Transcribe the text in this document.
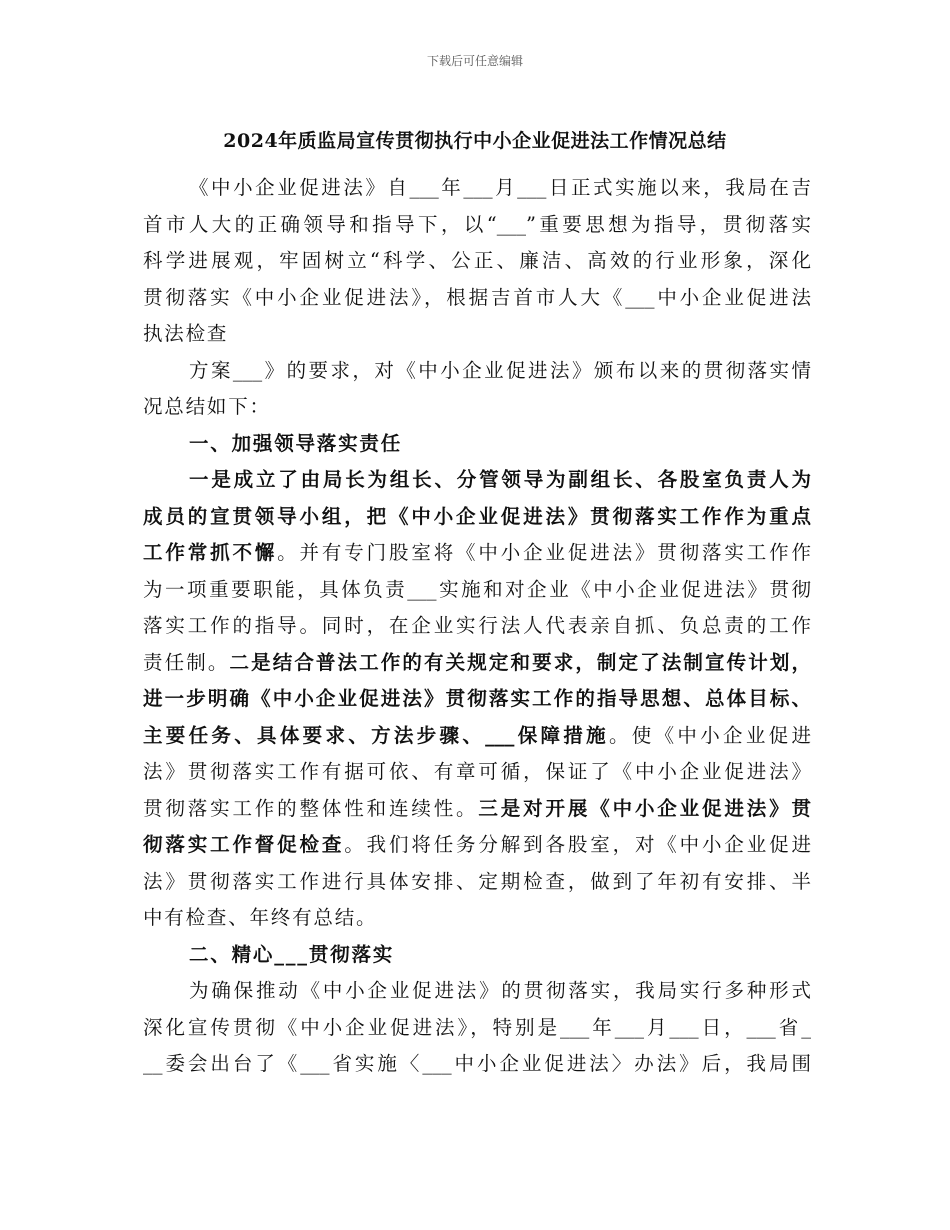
下载后可任意编辑
2024年质监局宣传贯彻执行中小企业促进法工作情况总结
《中小企业促进法》自___年___月___日正式实施以来，我局在吉
首市人大的正确领导和指导下，以“___”重要思想为指导，贯彻落实
科学进展观，牢固树立“科学、公正、廉洁、高效的行业形象，深化
贯彻落实《中小企业促进法》，根据吉首市人大《___中小企业促进法
执法检查
方案___》的要求，对《中小企业促进法》颁布以来的贯彻落实情
况总结如下：
一、加强领导落实责任
一是成立了由局长为组长、分管领导为副组长、各股室负责人为
成员的宣贯领导小组，把《中小企业促进法》贯彻落实工作作为重点
工作常抓不懈。并有专门股室将《中小企业促进法》贯彻落实工作作
为一项重要职能，具体负责___实施和对企业《中小企业促进法》贯彻
落实工作的指导。同时，在企业实行法人代表亲自抓、负总责的工作
责任制。二是结合普法工作的有关规定和要求，制定了法制宣传计划，
进一步明确《中小企业促进法》贯彻落实工作的指导思想、总体目标、
主要任务、具体要求、方法步骤、___保障措施。使《中小企业促进
法》贯彻落实工作有据可依、有章可循，保证了《中小企业促进法》
贯彻落实工作的整体性和连续性。三是对开展《中小企业促进法》贯
彻落实工作督促检查。我们将任务分解到各股室，对《中小企业促进
法》贯彻落实工作进行具体安排、定期检查，做到了年初有安排、半
中有检查、年终有总结。
二、精心___贯彻落实
为确保推动《中小企业促进法》的贯彻落实，我局实行多种形式
深化宣传贯彻《中小企业促进法》，特别是___年___月___日，___省_
__委会出台了《___省实施〈___中小企业促进法〉办法》后，我局围
